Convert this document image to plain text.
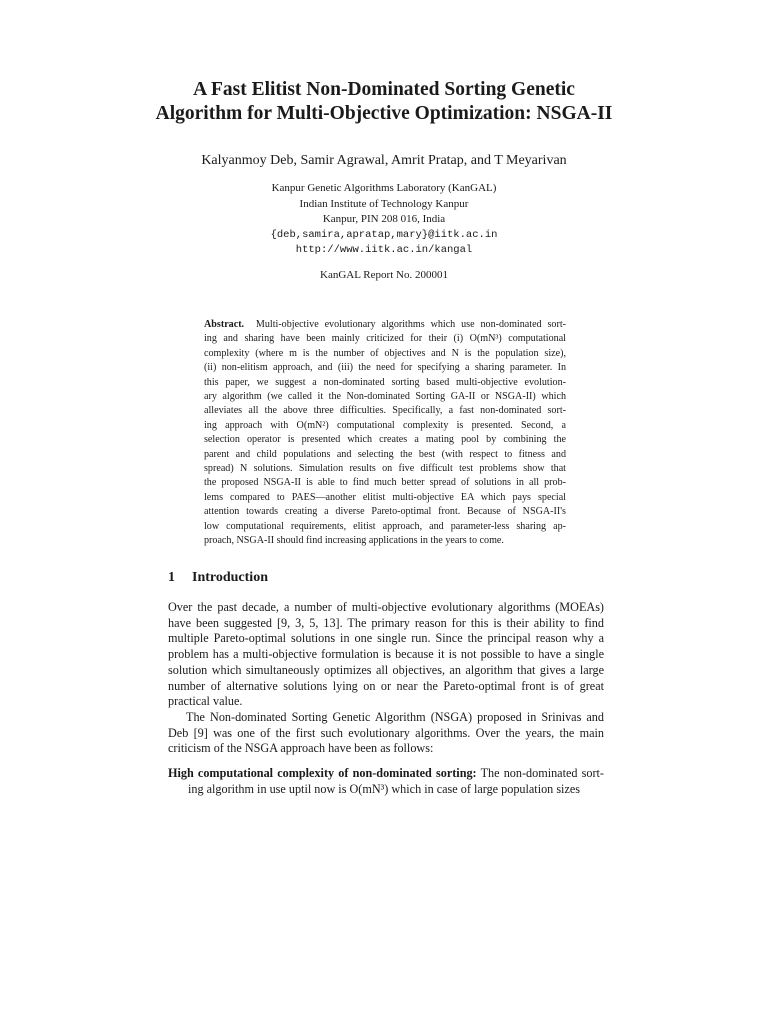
A Fast Elitist Non-Dominated Sorting Genetic
Algorithm for Multi-Objective Optimization: NSGA-II

Kalyanmoy Deb, Samir Agrawal, Amrit Pratap, and T Meyarivan

Kanpur Genetic Algorithms Laboratory (KanGAL)
Indian Institute of Technology Kanpur
Kanpur, PIN 208 016, India
{deb,samira,apratap,mary}@iitk.ac.in
http://www.iitk.ac.in/kangal

KanGAL Report No. 200001

Abstract. Multi-objective evolutionary algorithms which use non-dominated sort-
ing and sharing have been mainly criticized for their (i) O(mN³) computational
complexity (where m is the number of objectives and N is the population size),
(ii) non-elitism approach, and (iii) the need for specifying a sharing parameter. In
this paper, we suggest a non-dominated sorting based multi-objective evolution-
ary algorithm (we called it the Non-dominated Sorting GA-II or NSGA-II) which
alleviates all the above three difficulties. Specifically, a fast non-dominated sort-
ing approach with O(mN²) computational complexity is presented. Second, a
selection operator is presented which creates a mating pool by combining the
parent and child populations and selecting the best (with respect to fitness and
spread) N solutions. Simulation results on five difficult test problems show that
the proposed NSGA-II is able to find much better spread of solutions in all prob-
lems compared to PAES—another elitist multi-objective EA which pays special
attention towards creating a diverse Pareto-optimal front. Because of NSGA-II's
low computational requirements, elitist approach, and parameter-less sharing ap-
proach, NSGA-II should find increasing applications in the years to come.
1 Introduction
Over the past decade, a number of multi-objective evolutionary algorithms (MOEAs)
have been suggested [9, 3, 5, 13]. The primary reason for this is their ability to find
multiple Pareto-optimal solutions in one single run. Since the principal reason why a
problem has a multi-objective formulation is because it is not possible to have a single
solution which simultaneously optimizes all objectives, an algorithm that gives a large
number of alternative solutions lying on or near the Pareto-optimal front is of great
practical value.
The Non-dominated Sorting Genetic Algorithm (NSGA) proposed in Srinivas and
Deb [9] was one of the first such evolutionary algorithms. Over the years, the main
criticism of the NSGA approach have been as follows:
High computational complexity of non-dominated sorting: The non-dominated sort-
ing algorithm in use uptil now is O(mN³) which in case of large population sizes
